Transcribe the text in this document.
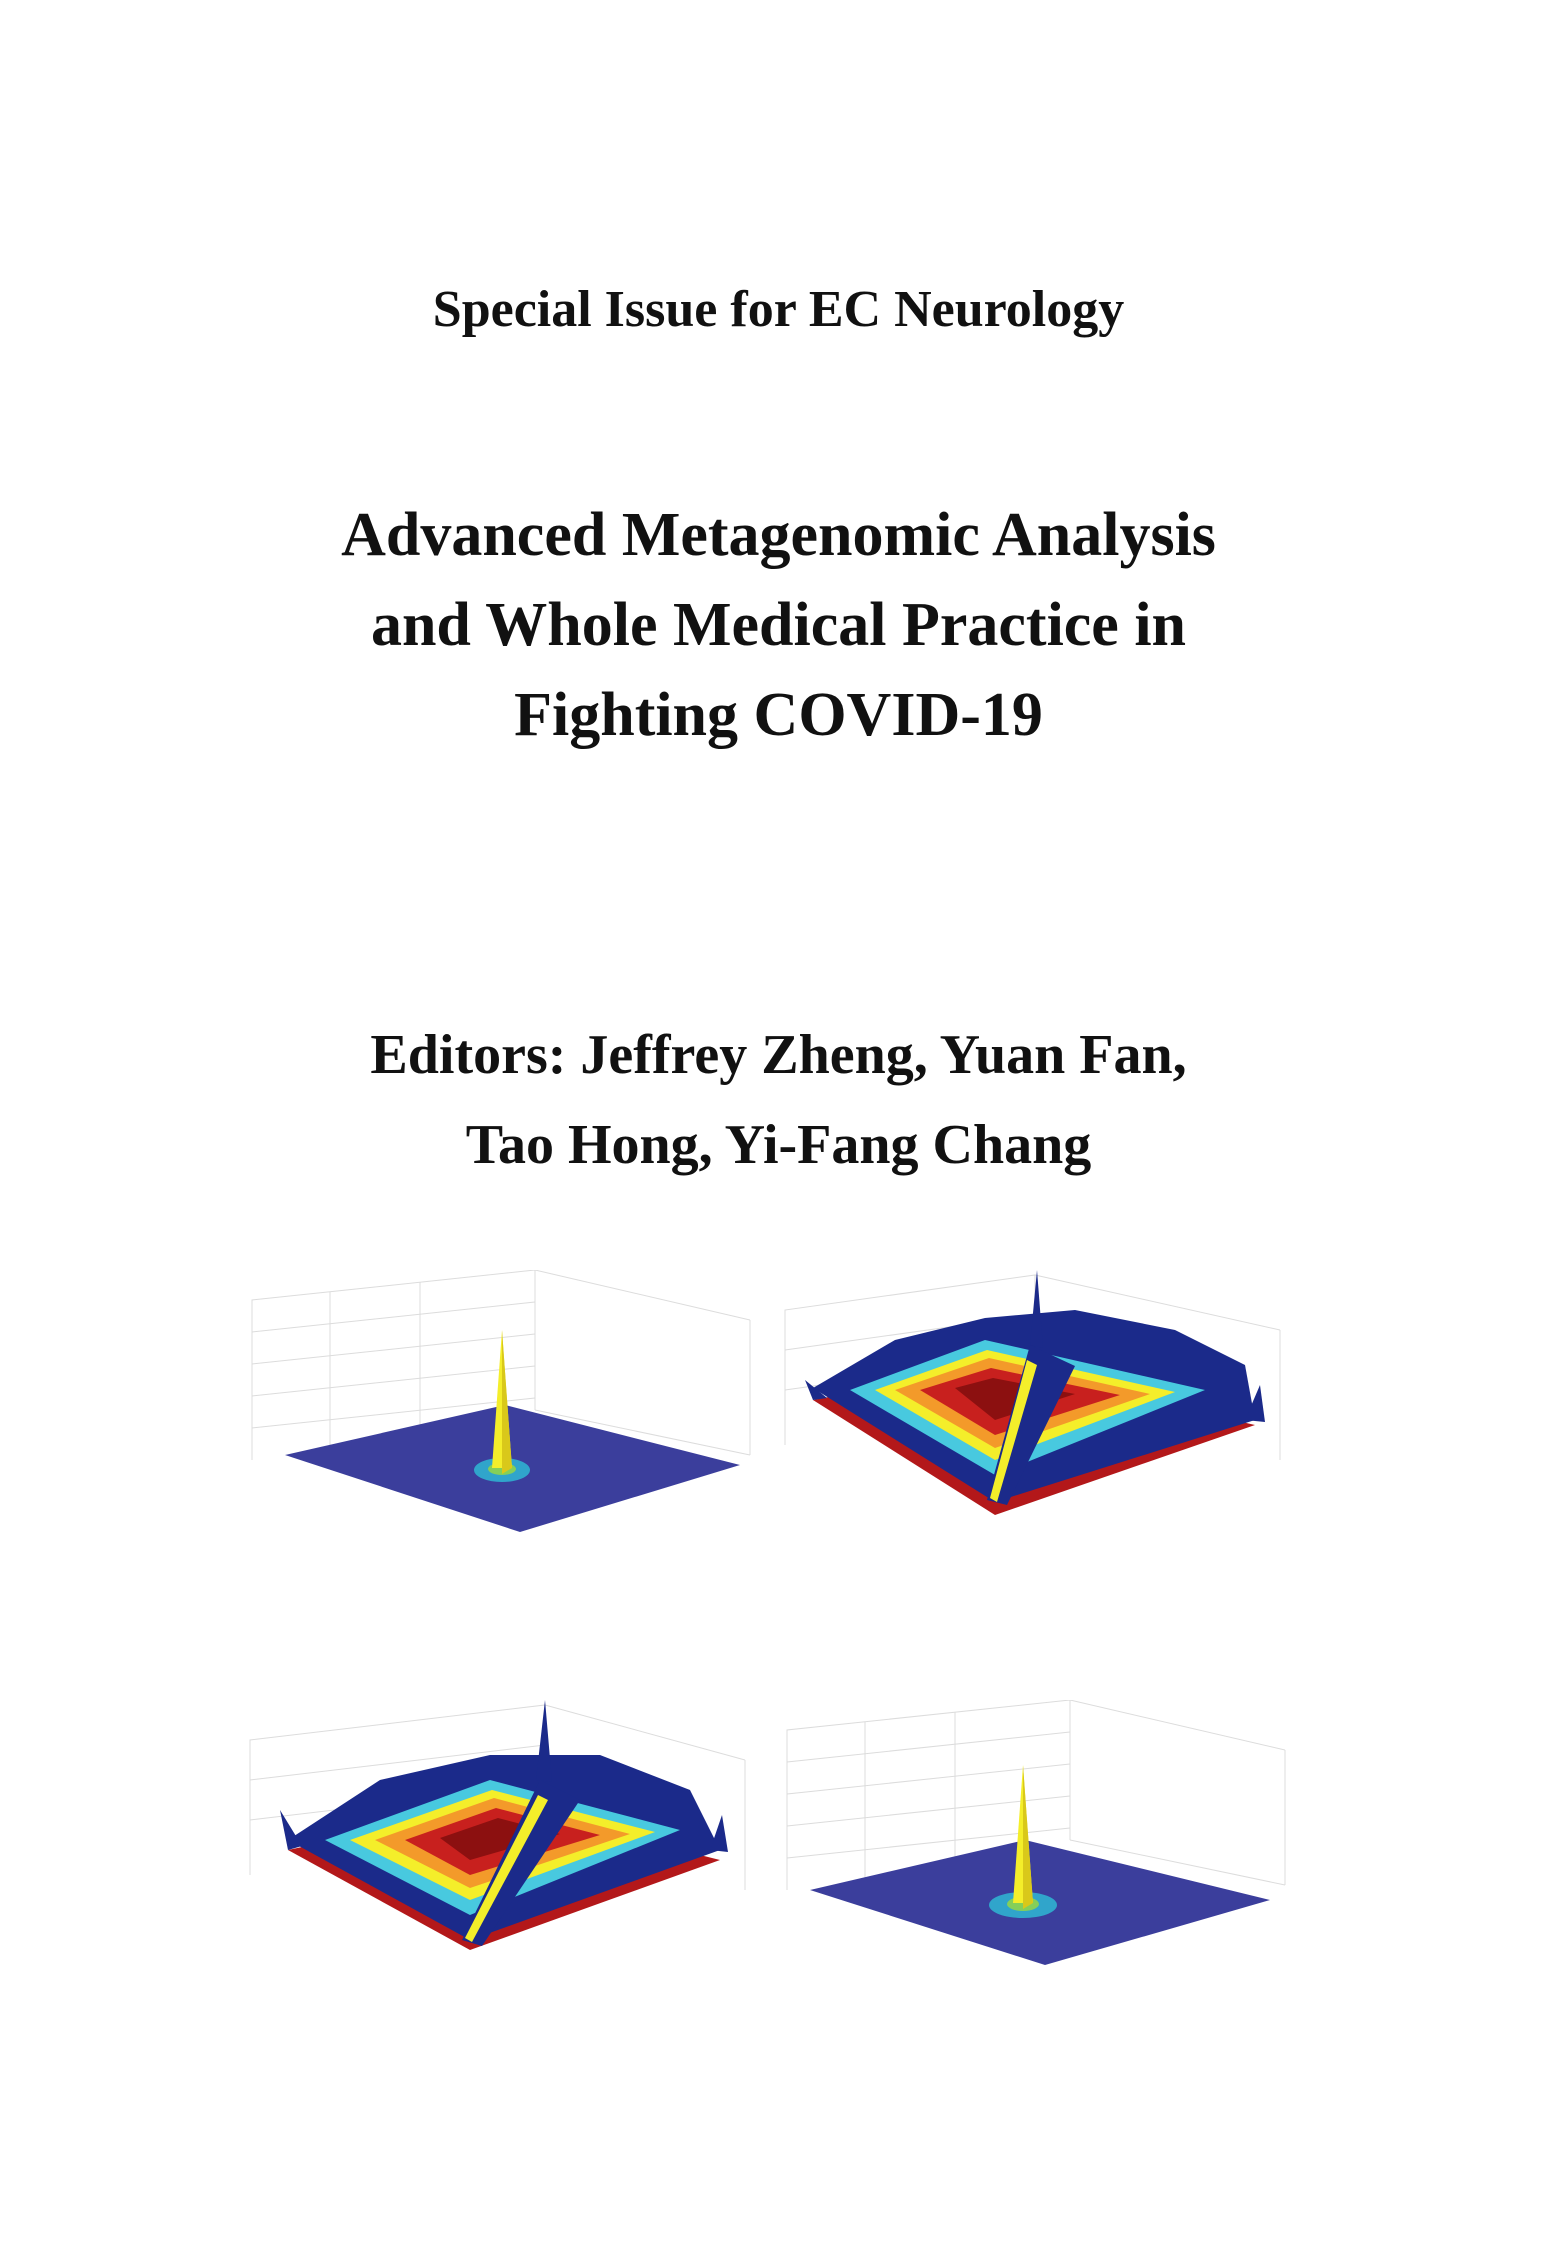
Special Issue for EC Neurology
Advanced Metagenomic Analysis
and Whole Medical Practice in
Fighting COVID-19
Editors: Jeffrey Zheng, Yuan Fan,
Tao Hong, Yi-Fang Chang
